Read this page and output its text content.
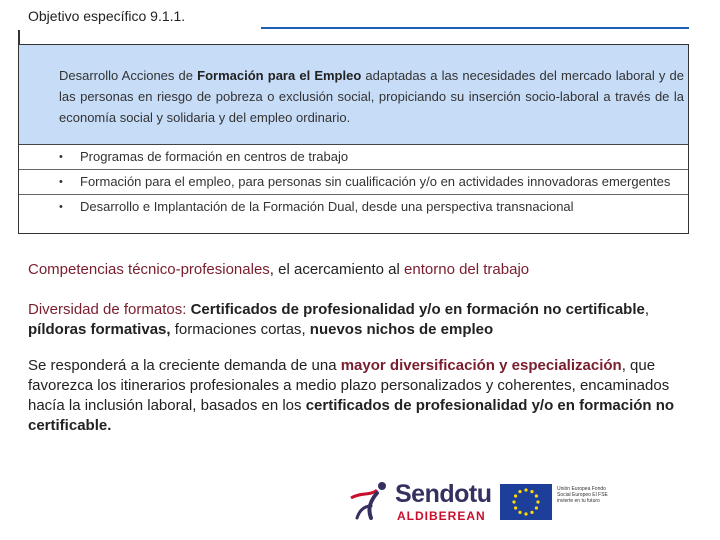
Objetivo específico 9.1.1.
Desarrollo Acciones de Formación para el Empleo adaptadas a las necesidades del mercado laboral y de las personas en riesgo de pobreza o exclusión social, propiciando su inserción socio-laboral a través de la economía social y solidaria y del empleo ordinario.
• Programas de formación en centros de trabajo
• Formación para el empleo, para personas sin cualificación y/o en actividades innovadoras emergentes
• Desarrollo e Implantación de la Formación Dual, desde una perspectiva transnacional
Competencias técnico-profesionales, el acercamiento al entorno del trabajo
Diversidad de formatos: Certificados de profesionalidad y/o en formación no certificable, píldoras formativas, formaciones cortas, nuevos nichos de empleo
Se responderá a la creciente demanda de una mayor diversificación y especialización, que favorezca los itinerarios profesionales a medio plazo personalizados y coherentes, encaminados hacía la inclusión laboral, basados en los certificados de profesionalidad y/o en formación no certificable.
Sendotu
ALDIBEREAN
Unión Europea Fondo Social Europeo El FSE invierte en tu futuro
